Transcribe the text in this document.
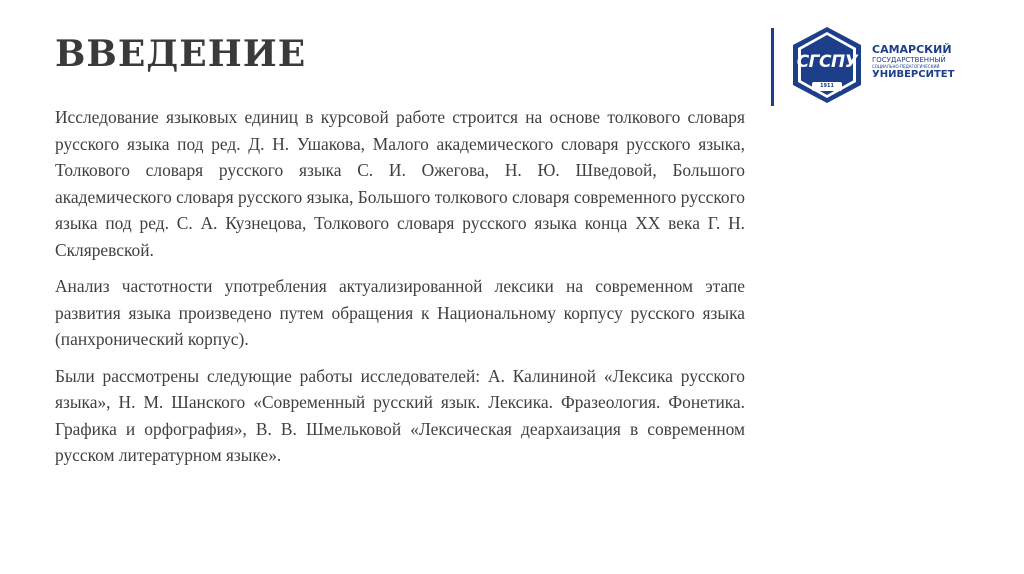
ВВЕДЕНИЕ

Исследование языковых единиц в курсовой работе строится на основе толкового словаря русского языка под ред. Д. Н. Ушакова, Малого академического словаря русского языка, Толкового словаря русского языка С. И. Ожегова, Н. Ю. Шведовой, Большого академического словаря русского языка, Большого толкового словаря современного русского языка под ред. С. А. Кузнецова, Толкового словаря русского языка конца XX века Г. Н. Скляревской.

Анализ частотности употребления актуализированной лексики на современном этапе развития языка произведено путем обращения к Национальному корпусу русского языка (панхронический корпус).

Были рассмотрены следующие работы исследователей: А. Калининой «Лексика русского языка», Н. М. Шанского «Современный русский язык. Лексика. Фразеология. Фонетика. Графика и орфография», В. В. Шмельковой «Лексическая деархаизация в современном русском литературном языке».

СГСПУ
1911
САМАРСКИЙ
ГОСУДАРСТВЕННЫЙ
СОЦИАЛЬНО-ПЕДАГОГИЧЕСКИЙ
УНИВЕРСИТЕТ
